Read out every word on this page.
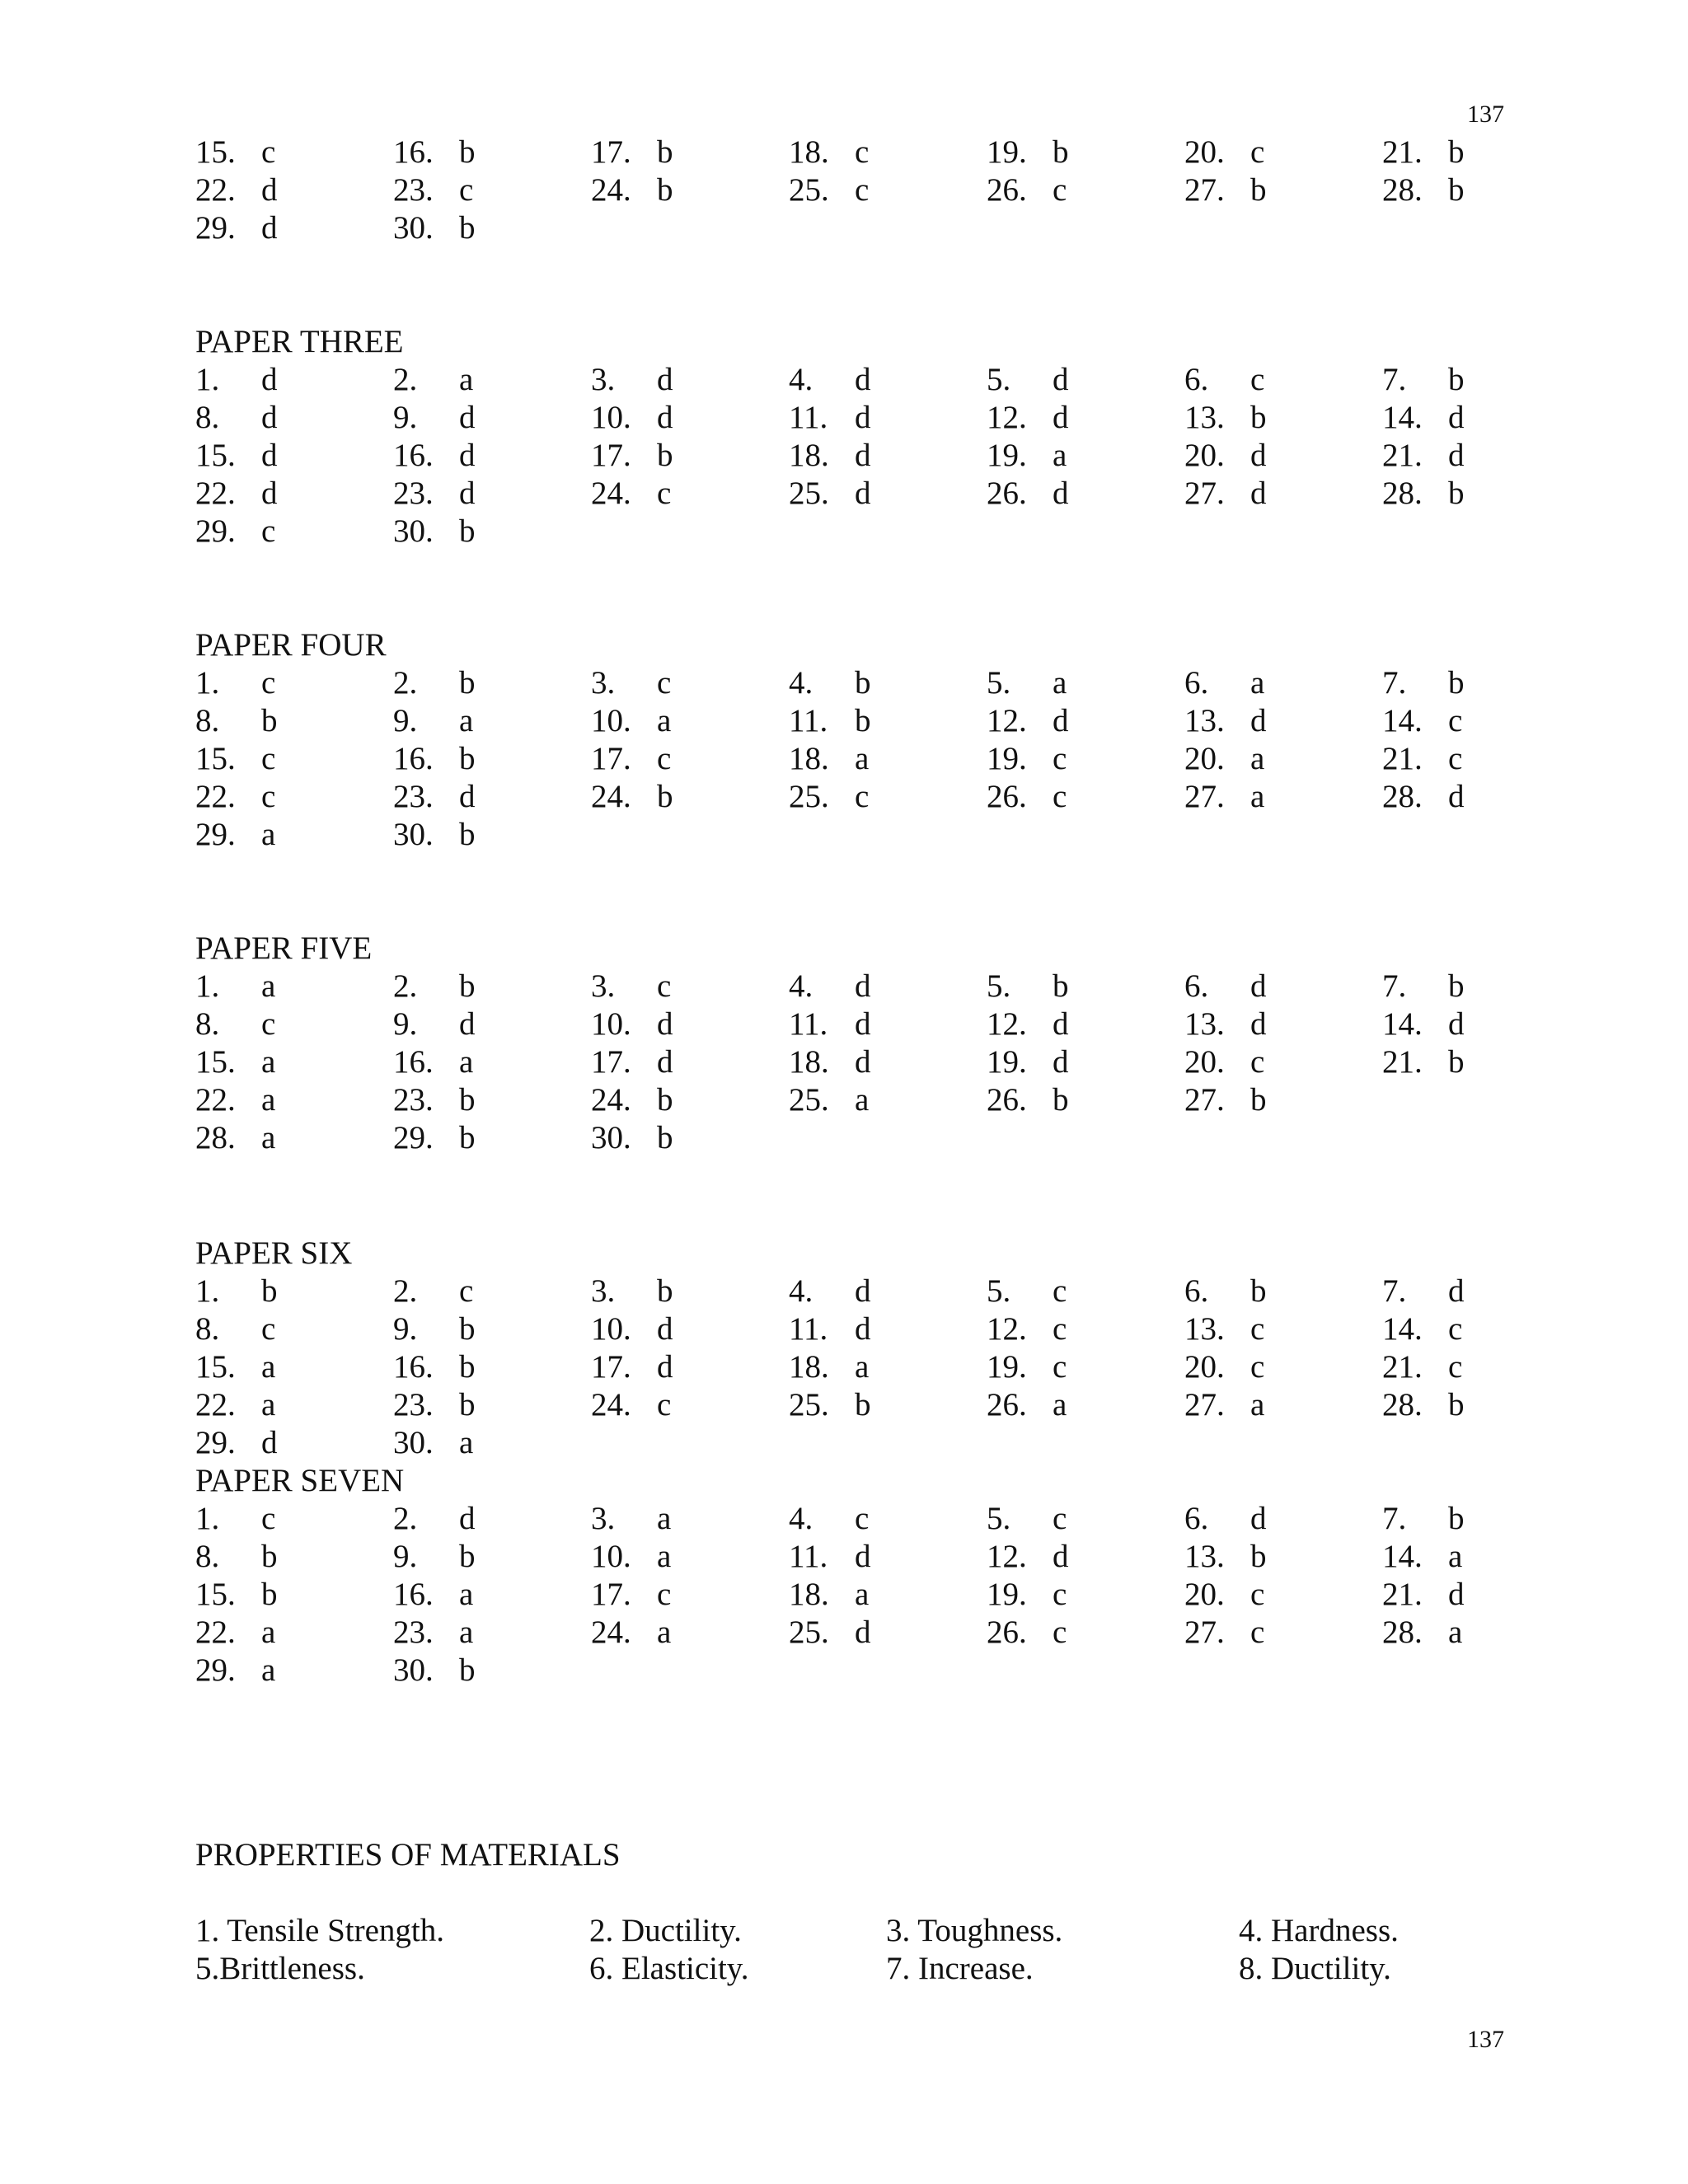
137
15. c	16. b	17. b	18. c	19. b	20. c	21. b
22. d	23. c	24. b	25. c	26. c	27. b	28. b
29. d	30. b
PAPER THREE
1. d	2. a	3. d	4. d	5. d	6. c	7. b
8. d	9. d	10. d	11. d	12. d	13. b	14. d
15. d	16. d	17. b	18. d	19. a	20. d	21. d
22. d	23. d	24. c	25. d	26. d	27. d	28. b
29. c	30. b
PAPER FOUR
1. c	2. b	3. c	4. b	5. a	6. a	7. b
8. b	9. a	10. a	11. b	12. d	13. d	14. c
15. c	16. b	17. c	18. a	19. c	20. a	21. c
22. c	23. d	24. b	25. c	26. c	27. a	28. d
29. a	30. b
PAPER FIVE
1. a	2. b	3. c	4. d	5. b	6. d	7. b
8. c	9. d	10. d	11. d	12. d	13. d	14. d
15. a	16. a	17. d	18. d	19. d	20. c	21. b
22. a	23. b	24. b	25. a	26. b	27. b
28. a	29. b	30. b
PAPER SIX
1. b	2. c	3. b	4. d	5. c	6. b	7. d
8. c	9. b	10. d	11. d	12. c	13. c	14. c
15. a	16. b	17. d	18. a	19. c	20. c	21. c
22. a	23. b	24. c	25. b	26. a	27. a	28. b
29. d	30. a
PAPER SEVEN
1. c	2. d	3. a	4. c	5. c	6. d	7. b
8. b	9. b	10. a	11. d	12. d	13. b	14. a
15. b	16. a	17. c	18. a	19. c	20. c	21. d
22. a	23. a	24. a	25. d	26. c	27. c	28. a
29. a	30. b
PROPERTIES OF MATERIALS
1. Tensile Strength.	2. Ductility.	3. Toughness.	4. Hardness.
5.Brittleness.	6. Elasticity.	7. Increase.	8. Ductility.
137
